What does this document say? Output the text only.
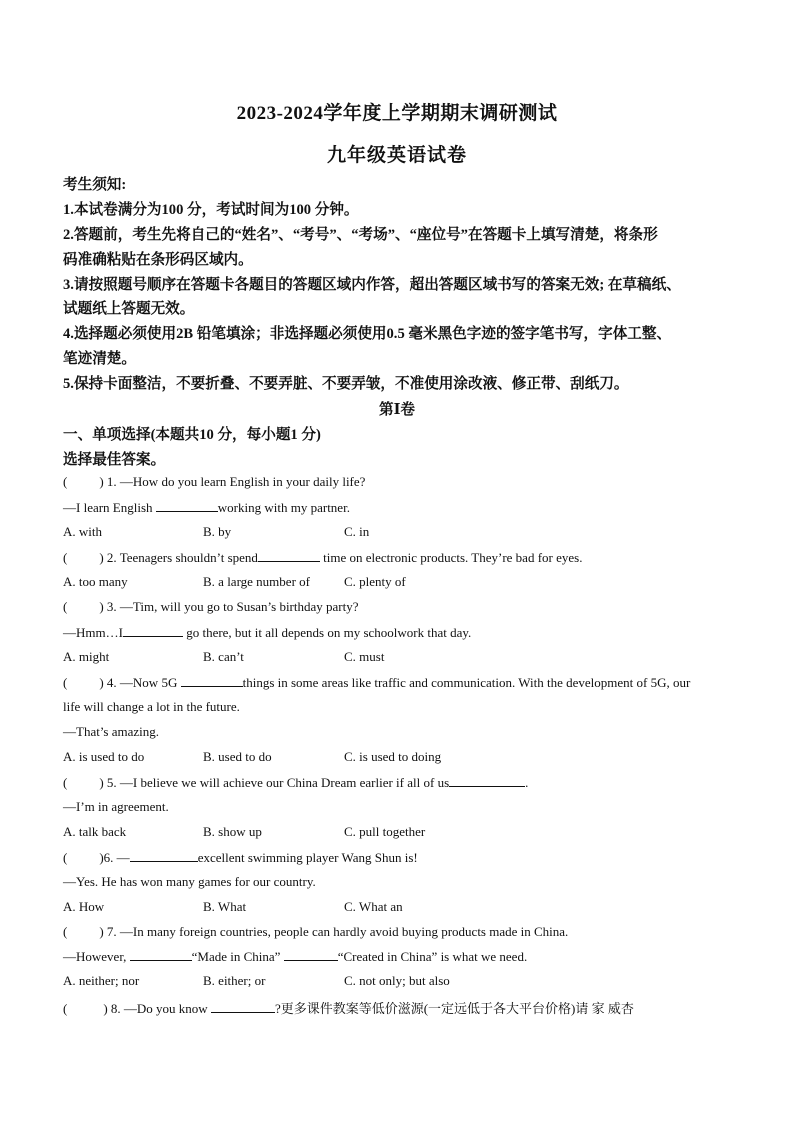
2023-2024学年度上学期期末调研测试
九年级英语试卷
考生须知:
1.本试卷满分为100 分，考试时间为100 分钟。
2.答题前，考生先将自己的“姓名”、“考号”、“考场”、“座位号”在答题卡上填写清楚，将条形
码准确粘贴在条形码区域内。
3.请按照题号顺序在答题卡各题目的答题区域内作答，超出答题区域书写的答案无效; 在草稿纸、
试题纸上答题无效。
4.选择题必须使用2B 铅笔填涂；非选择题必须使用0.5 毫米黑色字迹的签字笔书写，字体工整、
笔迹清楚。
5.保持卡面整洁，不要折叠、不要弄脏、不要弄皱，不准使用涂改液、修正带、刮纸刀。
第Ⅰ卷
一、单项选择(本题共10 分，每小题1 分)
选择最佳答案。
( ) 1. —How do you learn English in your daily life?
—I learn English	working with my partner.
A. with	B. by	C. in
( ) 2. Teenagers shouldn’t spend	time on electronic products. They’re bad for eyes.
A. too many	B. a large number of	C. plenty of
( ) 3. —Tim, will you go to Susan’s birthday party?
—Hmm…I	go there, but it all depends on my schoolwork that day.
A. might	B. can’t	C. must
( ) 4. —Now 5G	things in some areas like traffic and communication. With the development of 5G, our
life will change a lot in the future.
—That’s amazing.
A. is used to do	B. used to do	C. is used to doing
( ) 5. —I believe we will achieve our China Dream earlier if all of us	.
—I’m in agreement.
A. talk back	B. show up	C. pull together
( )6. —	excellent swimming player Wang Shun is!
—Yes. He has won many games for our country.
A. How	B. What	C. What an
( ) 7. —In many foreign countries, people can hardly avoid buying products made in China.
—However,	“Made in China”	“Created in China” is what we need.
A. neither; nor	B. either; or	C. not only; but also
(	) 8. —Do you know	?更多课件教案等低价滋源(一定远低于各大平台价格)请 家 威杏
